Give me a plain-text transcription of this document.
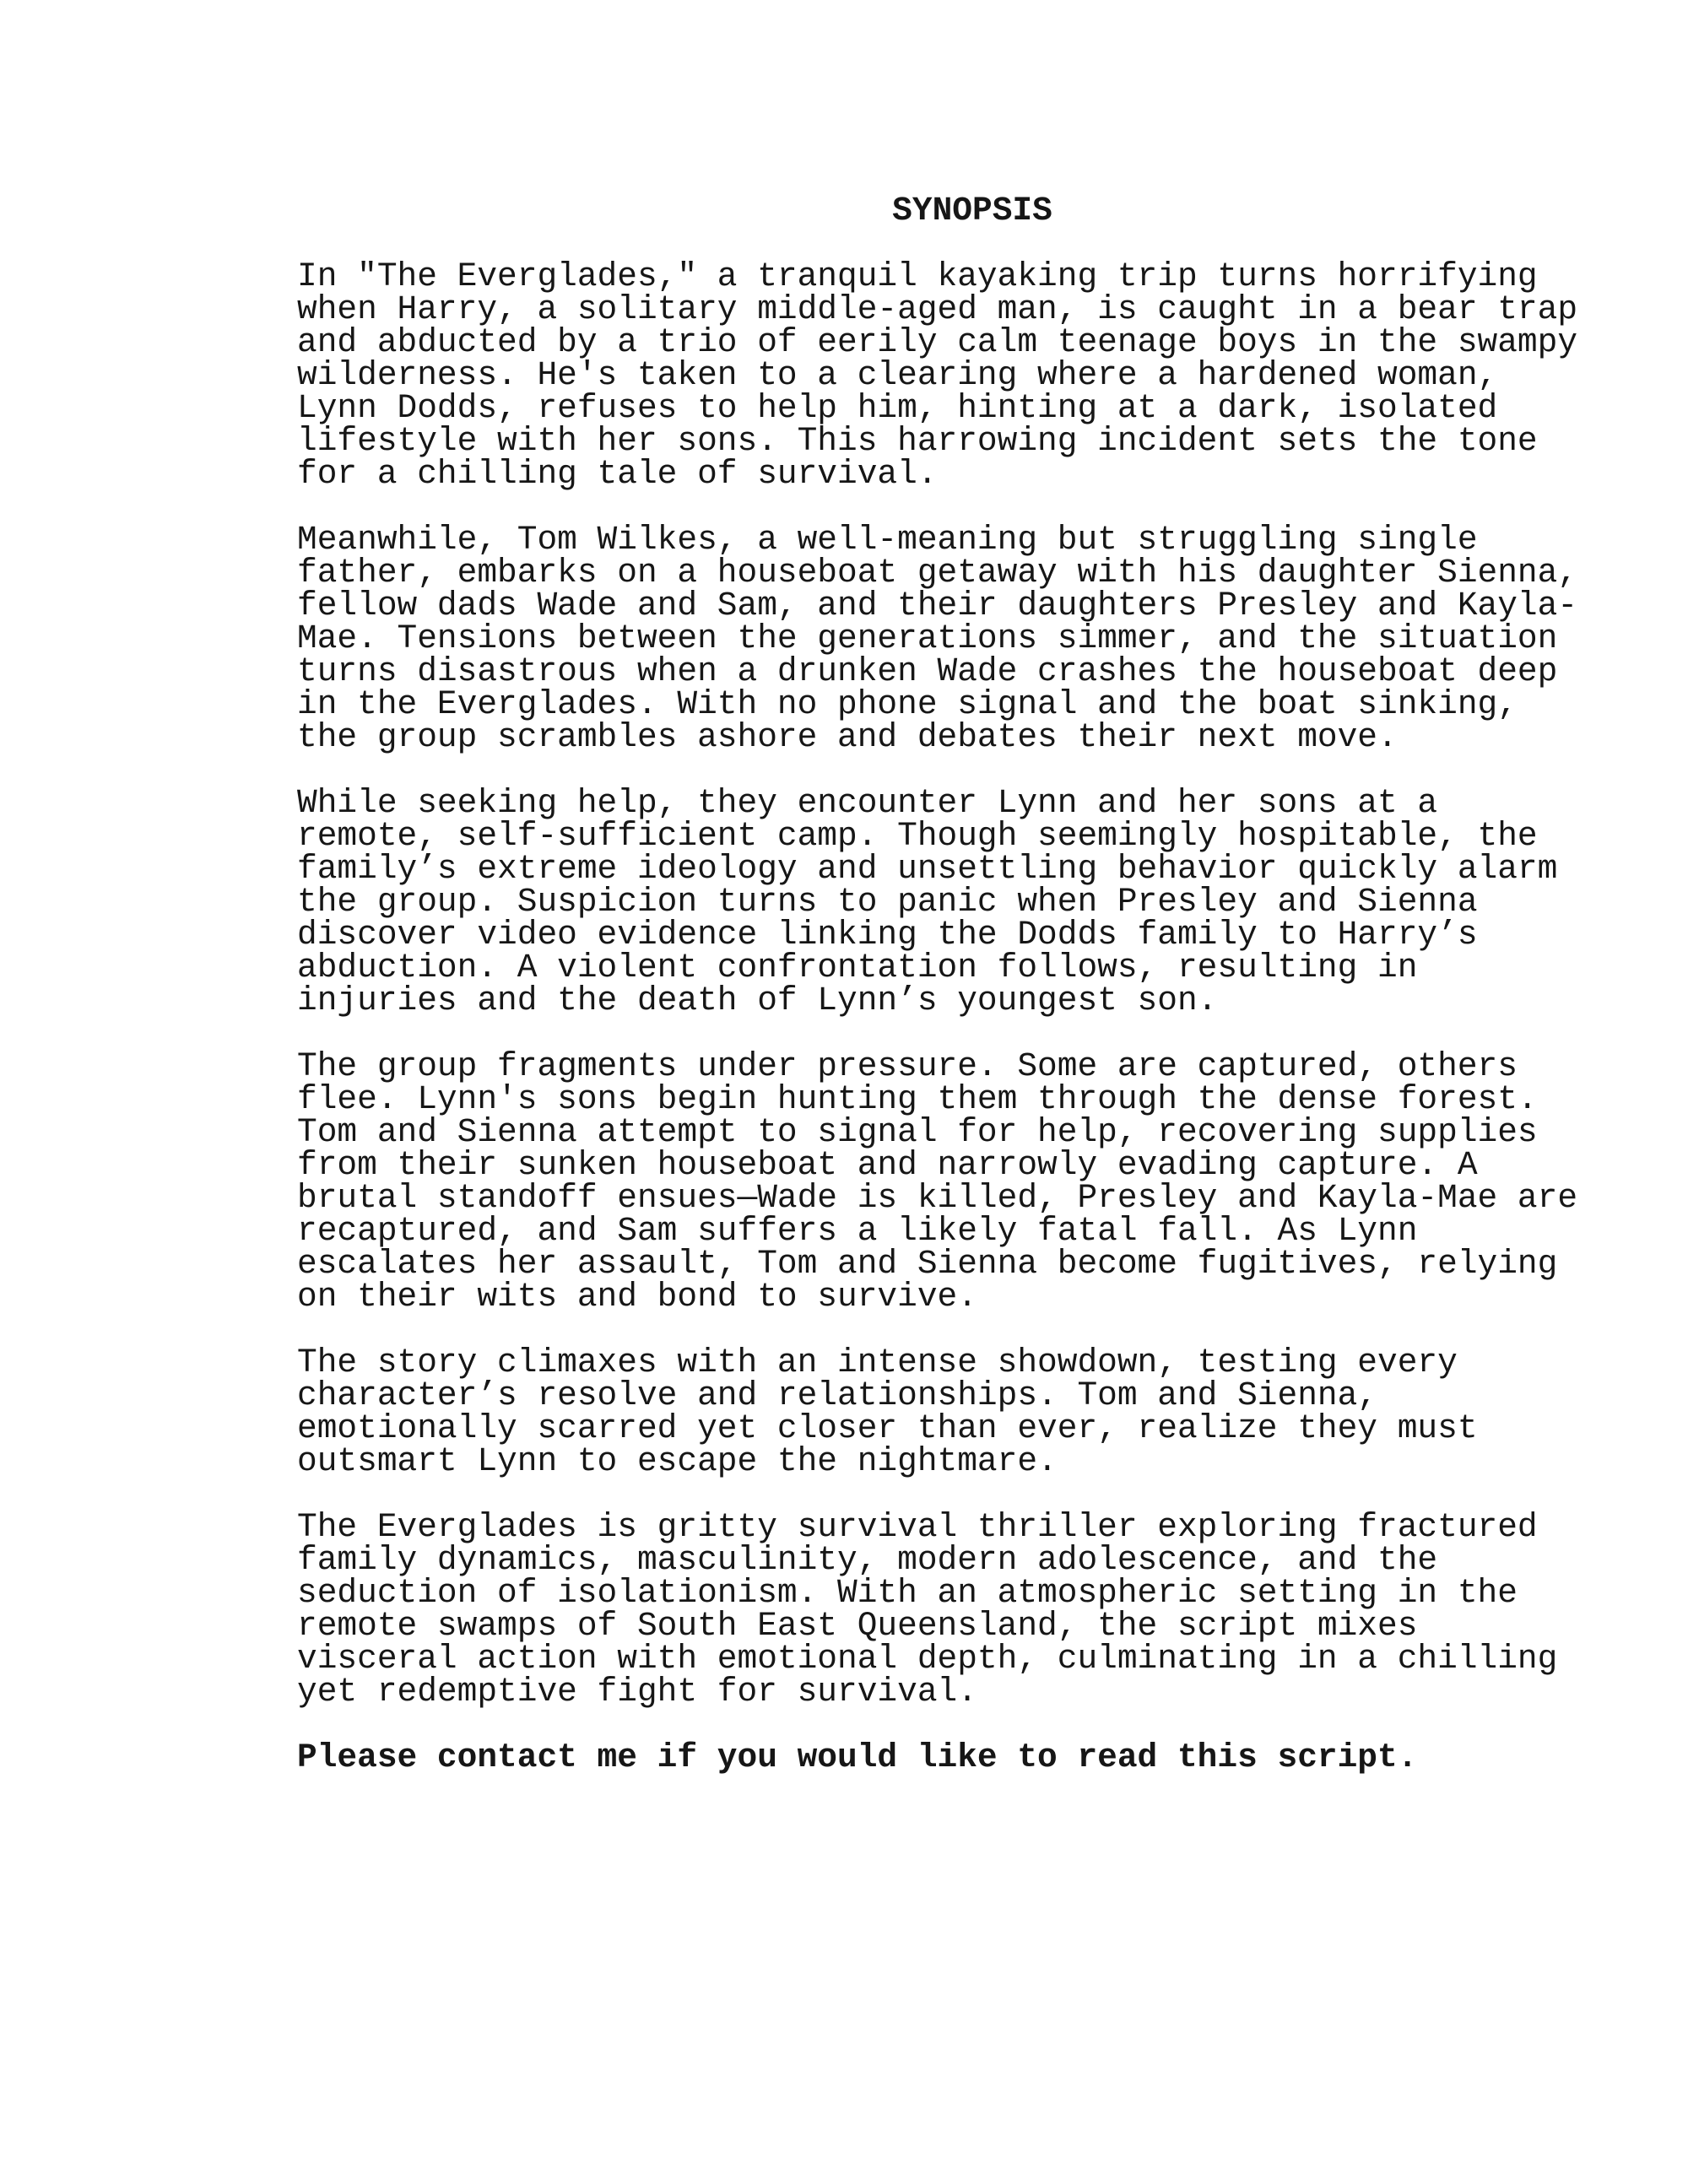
SYNOPSIS
In "The Everglades," a tranquil kayaking trip turns horrifying
when Harry, a solitary middle-aged man, is caught in a bear trap
and abducted by a trio of eerily calm teenage boys in the swampy
wilderness. He's taken to a clearing where a hardened woman,
Lynn Dodds, refuses to help him, hinting at a dark, isolated
lifestyle with her sons. This harrowing incident sets the tone
for a chilling tale of survival.
Meanwhile, Tom Wilkes, a well-meaning but struggling single
father, embarks on a houseboat getaway with his daughter Sienna,
fellow dads Wade and Sam, and their daughters Presley and Kayla-
Mae. Tensions between the generations simmer, and the situation
turns disastrous when a drunken Wade crashes the houseboat deep
in the Everglades. With no phone signal and the boat sinking,
the group scrambles ashore and debates their next move.
While seeking help, they encounter Lynn and her sons at a
remote, self-sufficient camp. Though seemingly hospitable, the
family’s extreme ideology and unsettling behavior quickly alarm
the group. Suspicion turns to panic when Presley and Sienna
discover video evidence linking the Dodds family to Harry’s
abduction. A violent confrontation follows, resulting in
injuries and the death of Lynn’s youngest son.
The group fragments under pressure. Some are captured, others
flee. Lynn's sons begin hunting them through the dense forest.
Tom and Sienna attempt to signal for help, recovering supplies
from their sunken houseboat and narrowly evading capture. A
brutal standoff ensues—Wade is killed, Presley and Kayla-Mae are
recaptured, and Sam suffers a likely fatal fall. As Lynn
escalates her assault, Tom and Sienna become fugitives, relying
on their wits and bond to survive.
The story climaxes with an intense showdown, testing every
character’s resolve and relationships. Tom and Sienna,
emotionally scarred yet closer than ever, realize they must
outsmart Lynn to escape the nightmare.
The Everglades is gritty survival thriller exploring fractured
family dynamics, masculinity, modern adolescence, and the
seduction of isolationism. With an atmospheric setting in the
remote swamps of South East Queensland, the script mixes
visceral action with emotional depth, culminating in a chilling
yet redemptive fight for survival.
Please contact me if you would like to read this script.
